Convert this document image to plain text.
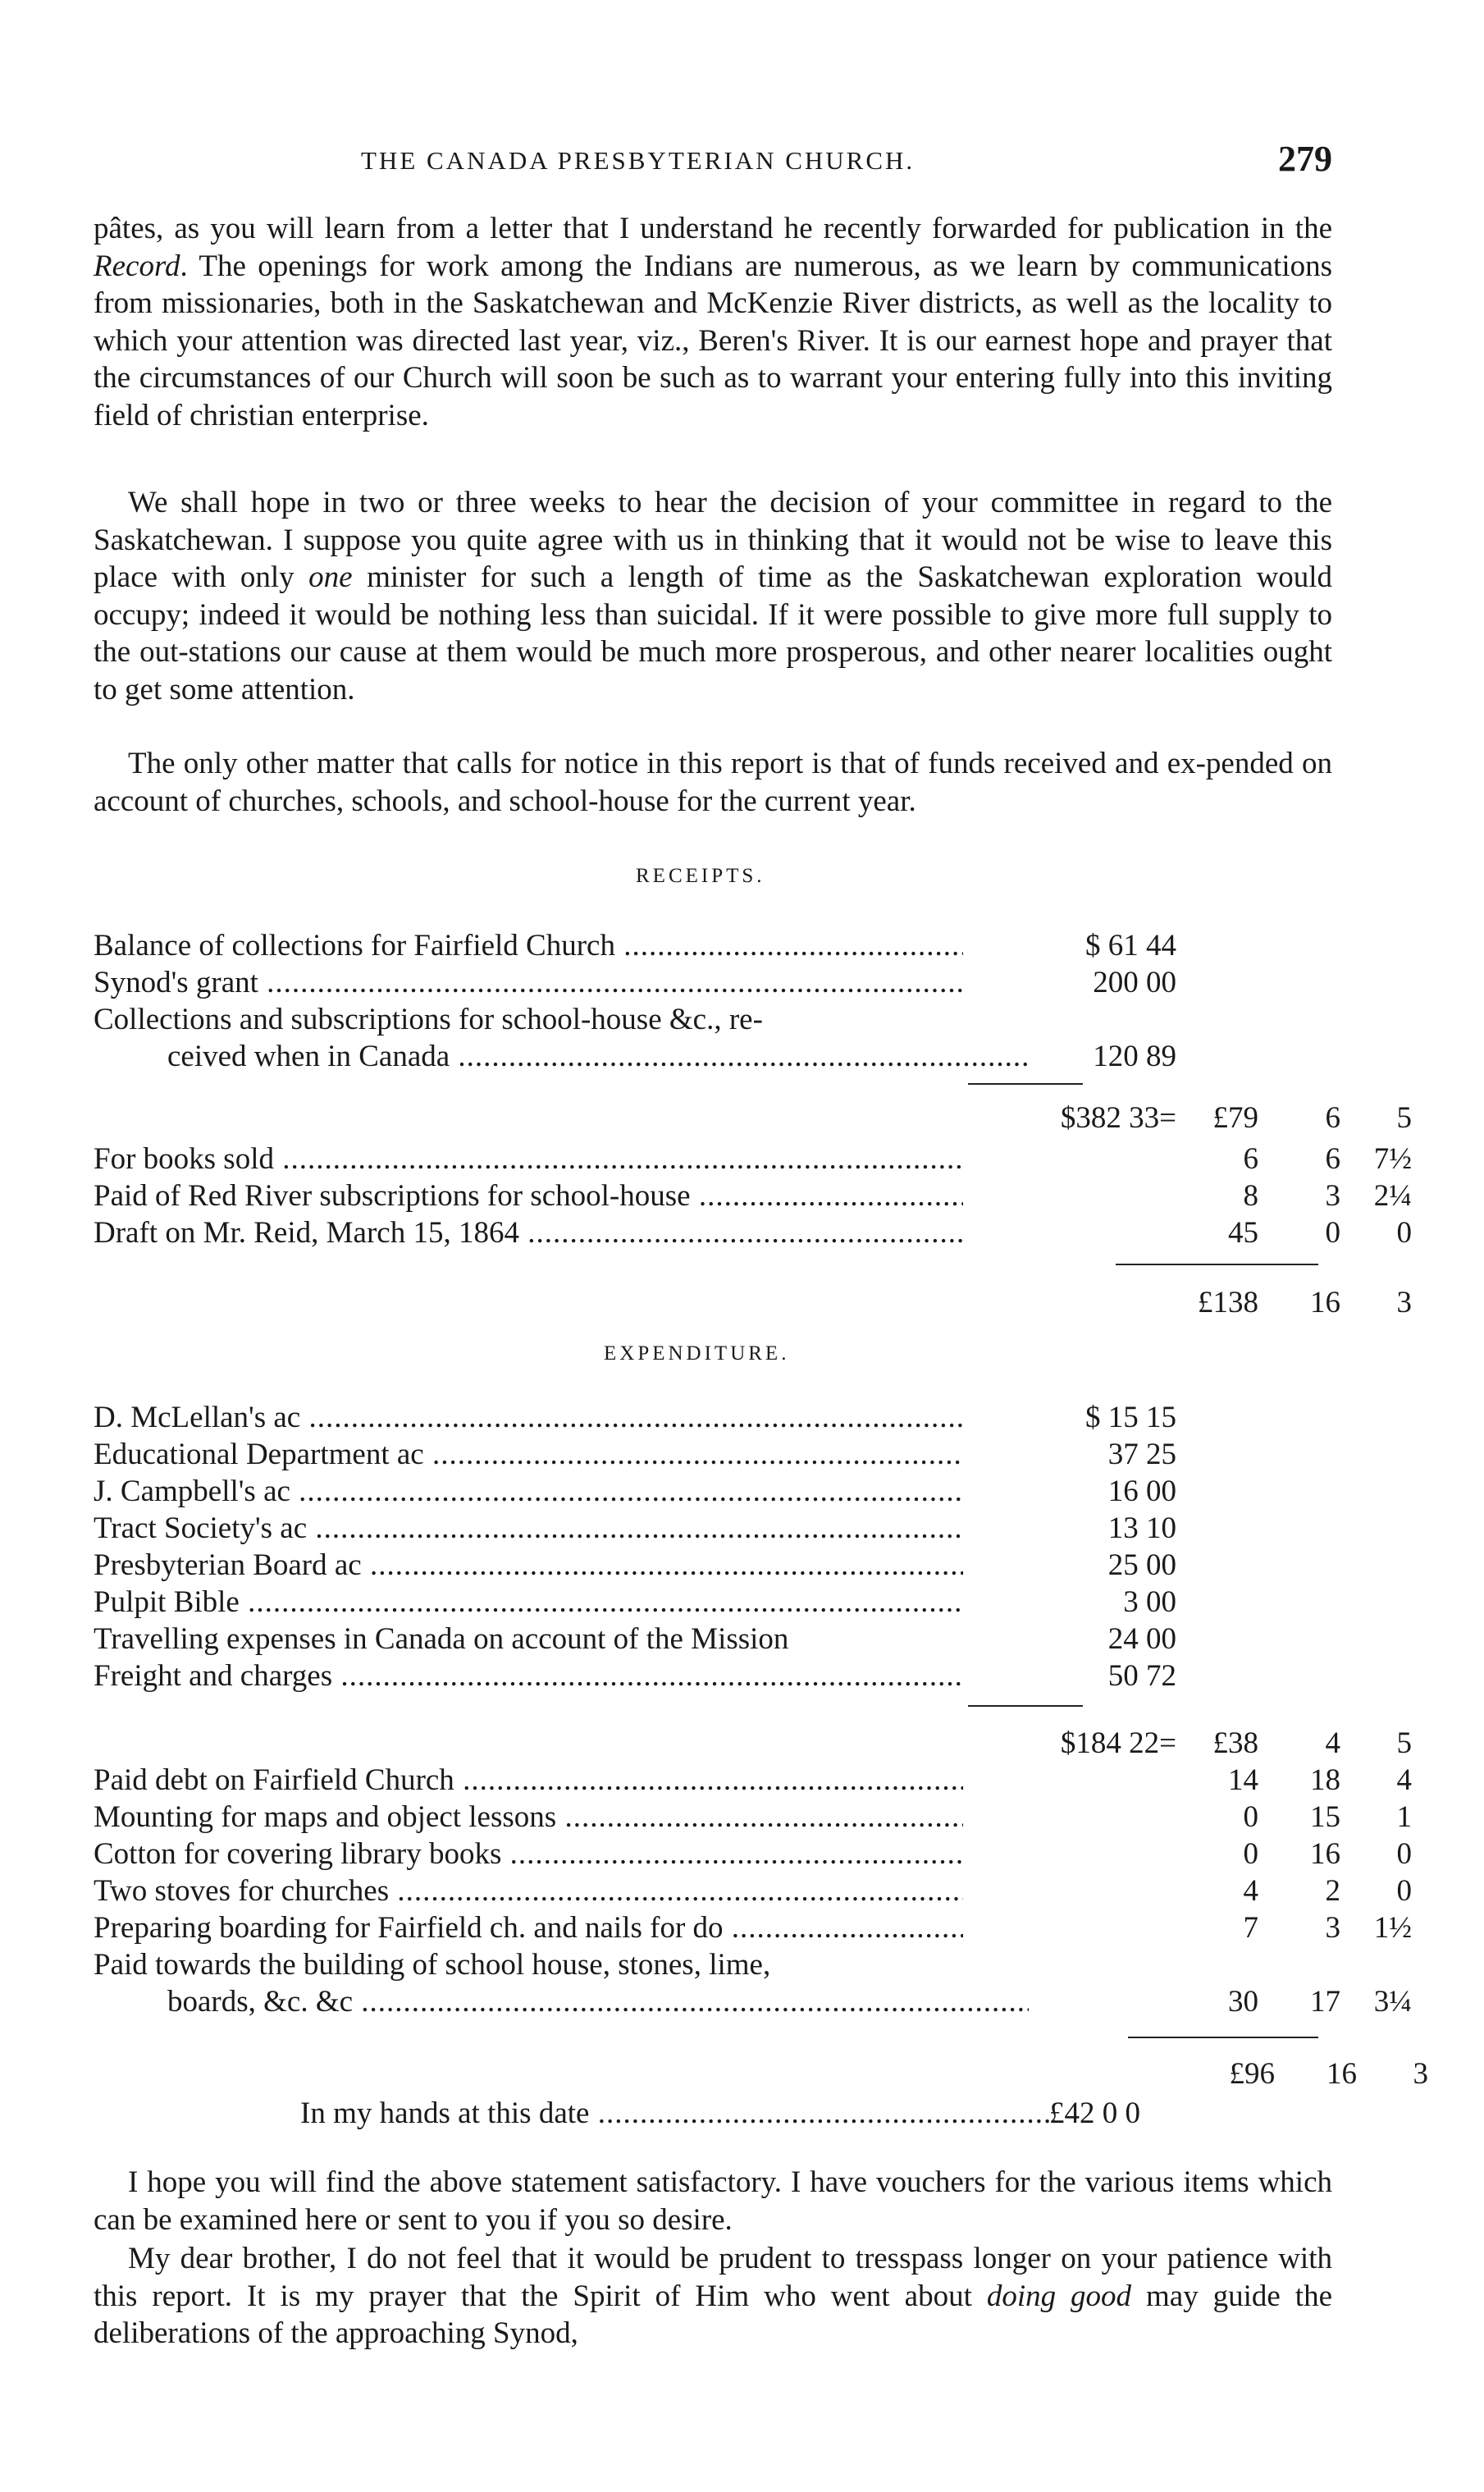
THE CANADA PRESBYTERIAN CHURCH.	279

pâtes, as you will learn from a letter that I understand he recently forwarded for publication in the Record. The openings for work among the Indians are numerous, as we learn by communications from missionaries, both in the Saskatchewan and McKenzie River districts, as well as the locality to which your attention was directed last year, viz., Beren's River. It is our earnest hope and prayer that the circumstances of our Church will soon be such as to warrant your entering fully into this inviting field of christian enterprise.

We shall hope in two or three weeks to hear the decision of your committee in regard to the Saskatchewan. I suppose you quite agree with us in thinking that it would not be wise to leave this place with only one minister for such a length of time as the Saskatchewan exploration would occupy; indeed it would be nothing less than suicidal. If it were possible to give more full supply to the out-stations our cause at them would be much more prosperous, and other nearer localities ought to get some attention.

The only other matter that calls for notice in this report is that of funds received and ex-pended on account of churches, schools, and school-house for the current year.

RECEIPTS.
Balance of collections for Fairfield Church .....	$ 61 44
Synod's grant .....	200 00
Collections and subscriptions for school-house &c., re-
ceived when in Canada .....	120 89
$382 33=	£79	6	5
For books sold .....	6	6	7½
Paid of Red River subscriptions for school-house .....	8	3	2¼
Draft on Mr. Reid, March 15, 1864 .....	45	0	0
£138	16	3
EXPENDITURE.
D. McLellan's ac .....	$ 15 15
Educational Department ac .....	37 25
J. Campbell's ac .....	16 00
Tract Society's ac .....	13 10
Presbyterian Board ac .....	25 00
Pulpit Bible .....	3 00
Travelling expenses in Canada on account of the Mission	24 00
Freight and charges .....	50 72
$184 22=	£38	4	5
Paid debt on Fairfield Church .....	14	18	4
Mounting for maps and object lessons .....	0	15	1
Cotton for covering library books .....	0	16	0
Two stoves for churches .....	4	2	0
Preparing boarding for Fairfield ch. and nails for do .....	7	3	1½
Paid towards the building of school house, stones, lime,
boards, &c. &c .....	30	17	3¼
£96	16	3
In my hands at this date .....	£42 0 0

I hope you will find the above statement satisfactory. I have vouchers for the various items which can be examined here or sent to you if you so desire.

My dear brother, I do not feel that it would be prudent to tresspass longer on your patience with this report. It is my prayer that the Spirit of Him who went about doing good may guide the deliberations of the approaching Synod,
